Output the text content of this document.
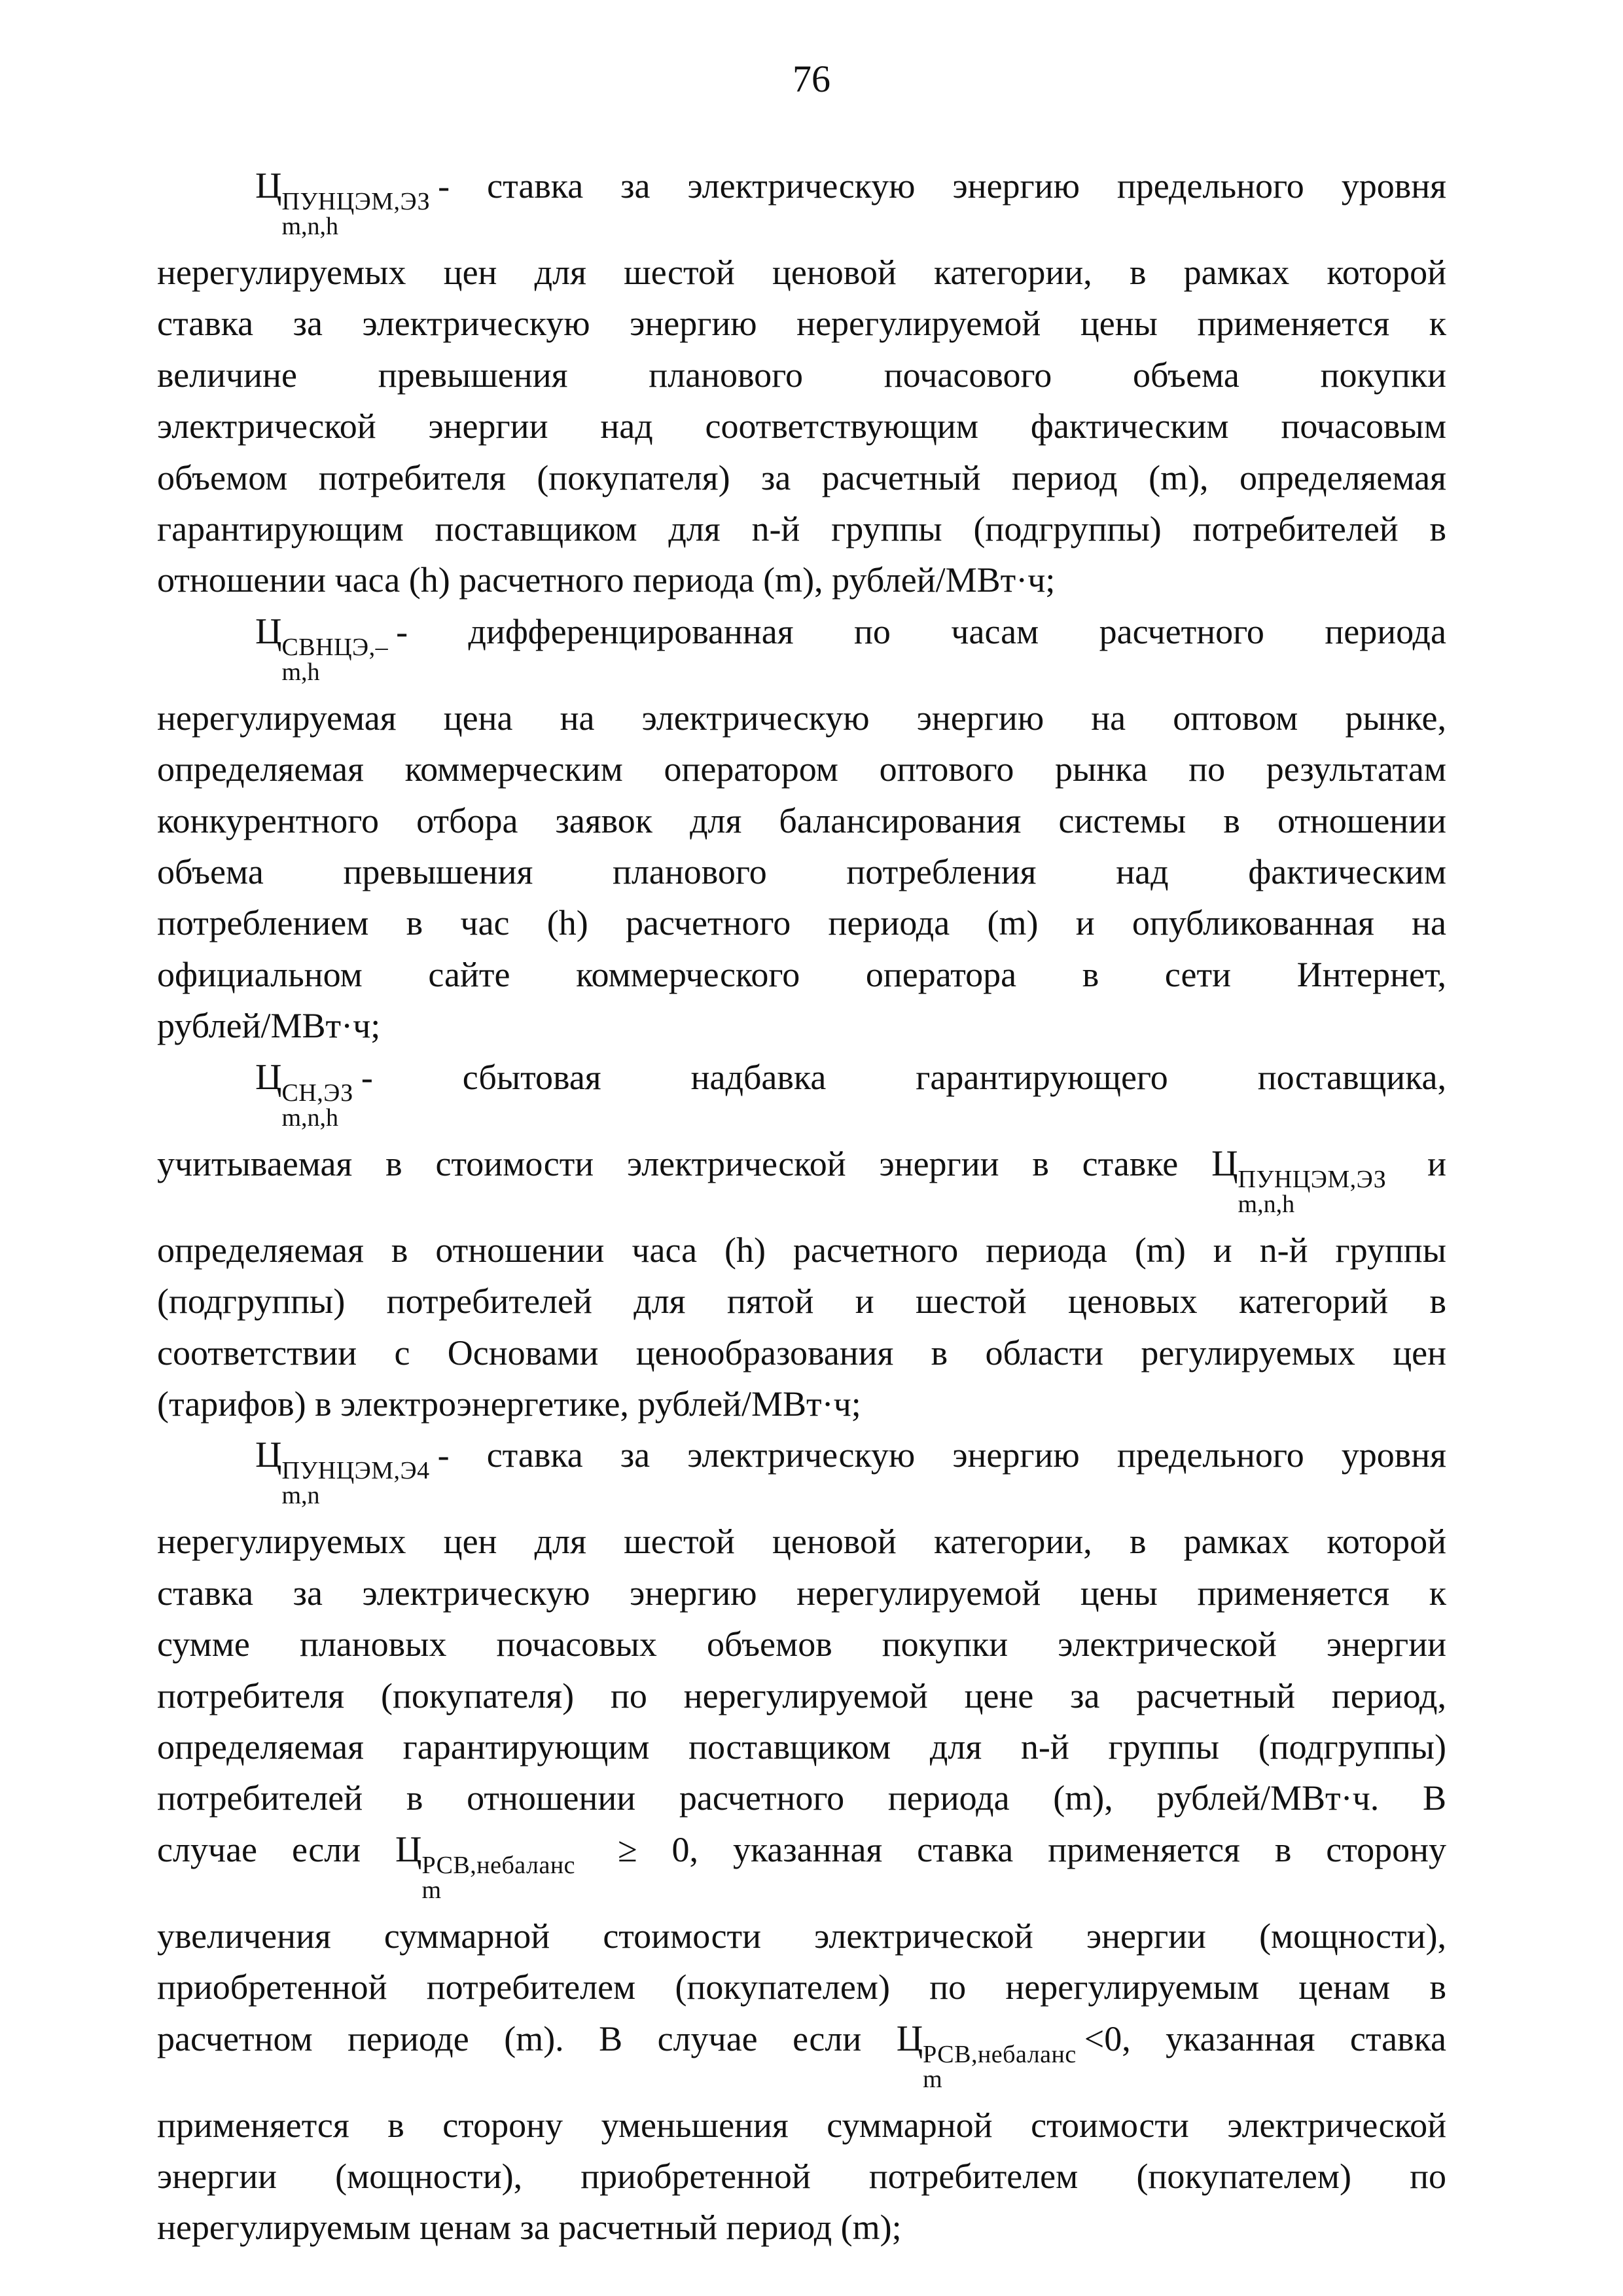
76

Ц ПУНЦЭМ,ЭЗ
m,n,h
- ставка за электрическую энергию предельного уровня

нерегулируемых цен для шестой ценовой категории, в рамках которой

ставка за электрическую энергию нерегулируемой цены применяется к

величине превышения планового почасового объема покупки

электрической энергии над соответствующим фактическим почасовым

объемом потребителя (покупателя) за расчетный период (m), определяемая

гарантирующим поставщиком для n-й группы (подгруппы) потребителей в

отношении часа (h) расчетного периода (m), рублей/МВт·ч;

Ц СВНЦЭ,–
m,h
- дифференцированная по часам расчетного периода

нерегулируемая цена на электрическую энергию на оптовом рынке,

определяемая коммерческим оператором оптового рынка по результатам

конкурентного отбора заявок для балансирования системы в отношении

объема превышения планового потребления над фактическим

потреблением в час (h) расчетного периода (m) и опубликованная на

официальном сайте коммерческого оператора в сети Интернет,

рублей/МВт·ч;

Ц СН,ЭЗ
m,n,h
- сбытовая надбавка гарантирующего поставщика,

учитываемая в стоимости электрической энергии в ставке Ц ПУНЦЭМ,ЭЗ
m,n,h
и

определяемая в отношении часа (h) расчетного периода (m) и n-й группы

(подгруппы) потребителей для пятой и шестой ценовых категорий в

соответствии с Основами ценообразования в области регулируемых цен

(тарифов) в электроэнергетике, рублей/МВт·ч;

Ц ПУНЦЭМ,Э4
m,n
- ставка за электрическую энергию предельного уровня

нерегулируемых цен для шестой ценовой категории, в рамках которой

ставка за электрическую энергию нерегулируемой цены применяется к

сумме плановых почасовых объемов покупки электрической энергии

потребителя (покупателя) по нерегулируемой цене за расчетный период,

определяемая гарантирующим поставщиком для n-й группы (подгруппы)

потребителей в отношении расчетного периода (m), рублей/МВт·ч. В

случае если Ц РСВ,небаланс
m
≥ 0, указанная ставка применяется в сторону

увеличения суммарной стоимости электрической энергии (мощности),

приобретенной потребителем (покупателем) по нерегулируемым ценам в

расчетном периоде (m). В случае если Ц РСВ,небаланс
m
<0, указанная ставка

применяется в сторону уменьшения суммарной стоимости электрической

энергии (мощности), приобретенной потребителем (покупателем) по

нерегулируемым ценам за расчетный период (m);
